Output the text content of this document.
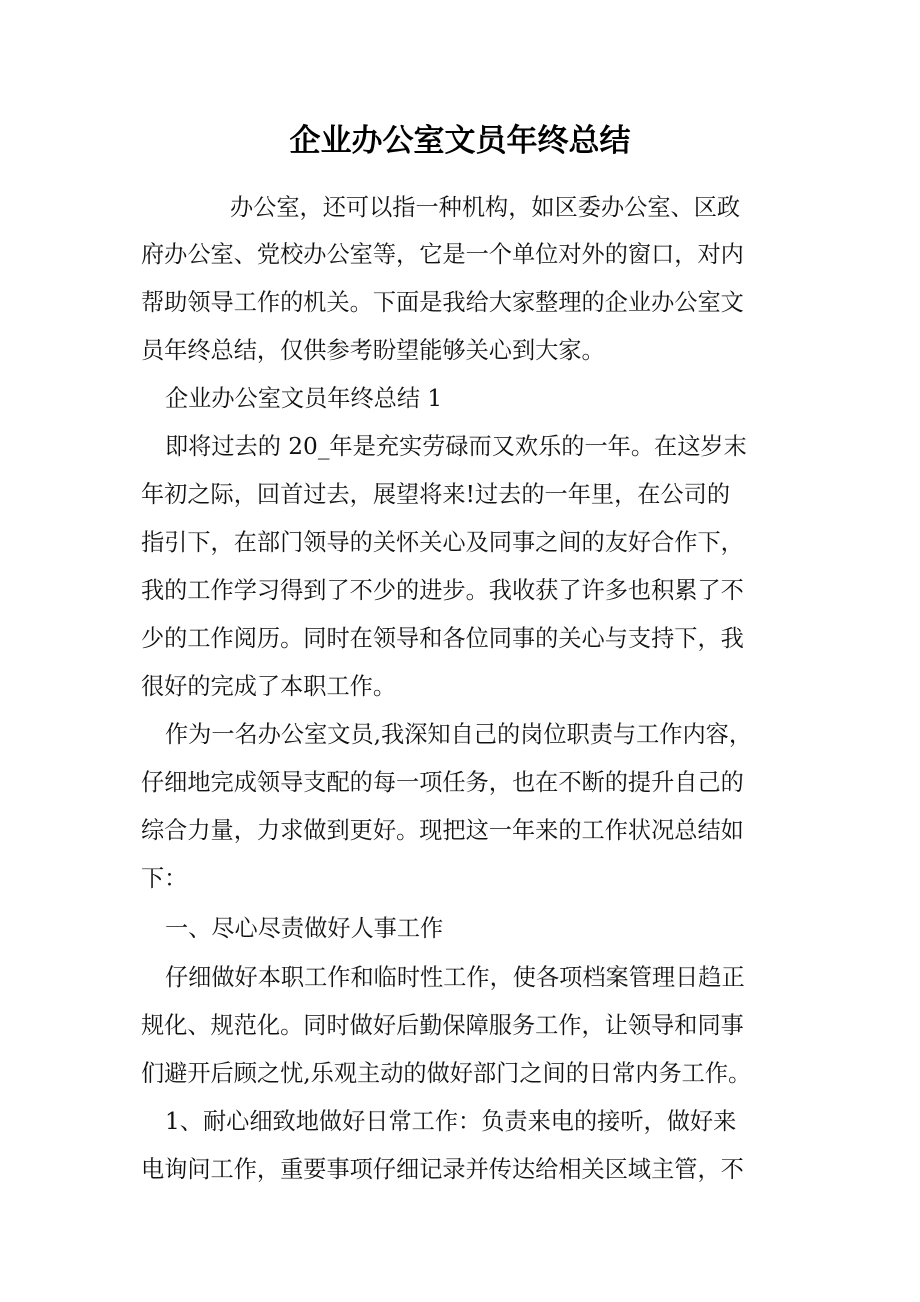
企业办公室文员年终总结

办公室，还可以指一种机构，如区委办公室、区政

府办公室、党校办公室等，它是一个单位对外的窗口，对内

帮助领导工作的机关。下面是我给大家整理的企业办公室文

员年终总结，仅供参考盼望能够关心到大家。

企业办公室文员年终总结 1

即将过去的 20_年是充实劳碌而又欢乐的一年。在这岁末

年初之际，回首过去，展望将来!过去的一年里，在公司的

指引下，在部门领导的关怀关心及同事之间的友好合作下，

我的工作学习得到了不少的进步。我收获了许多也积累了不

少的工作阅历。同时在领导和各位同事的关心与支持下，我

很好的完成了本职工作。

作为一名办公室文员,我深知自己的岗位职责与工作内容，

仔细地完成领导支配的每一项任务，也在不断的提升自己的

综合力量，力求做到更好。现把这一年来的工作状况总结如

下：

一、尽心尽责做好人事工作

仔细做好本职工作和临时性工作，使各项档案管理日趋正

规化、规范化。同时做好后勤保障服务工作，让领导和同事

们避开后顾之忧,乐观主动的做好部门之间的日常内务工作。

1、耐心细致地做好日常工作：负责来电的接听，做好来

电询问工作，重要事项仔细记录并传达给相关区域主管，不
